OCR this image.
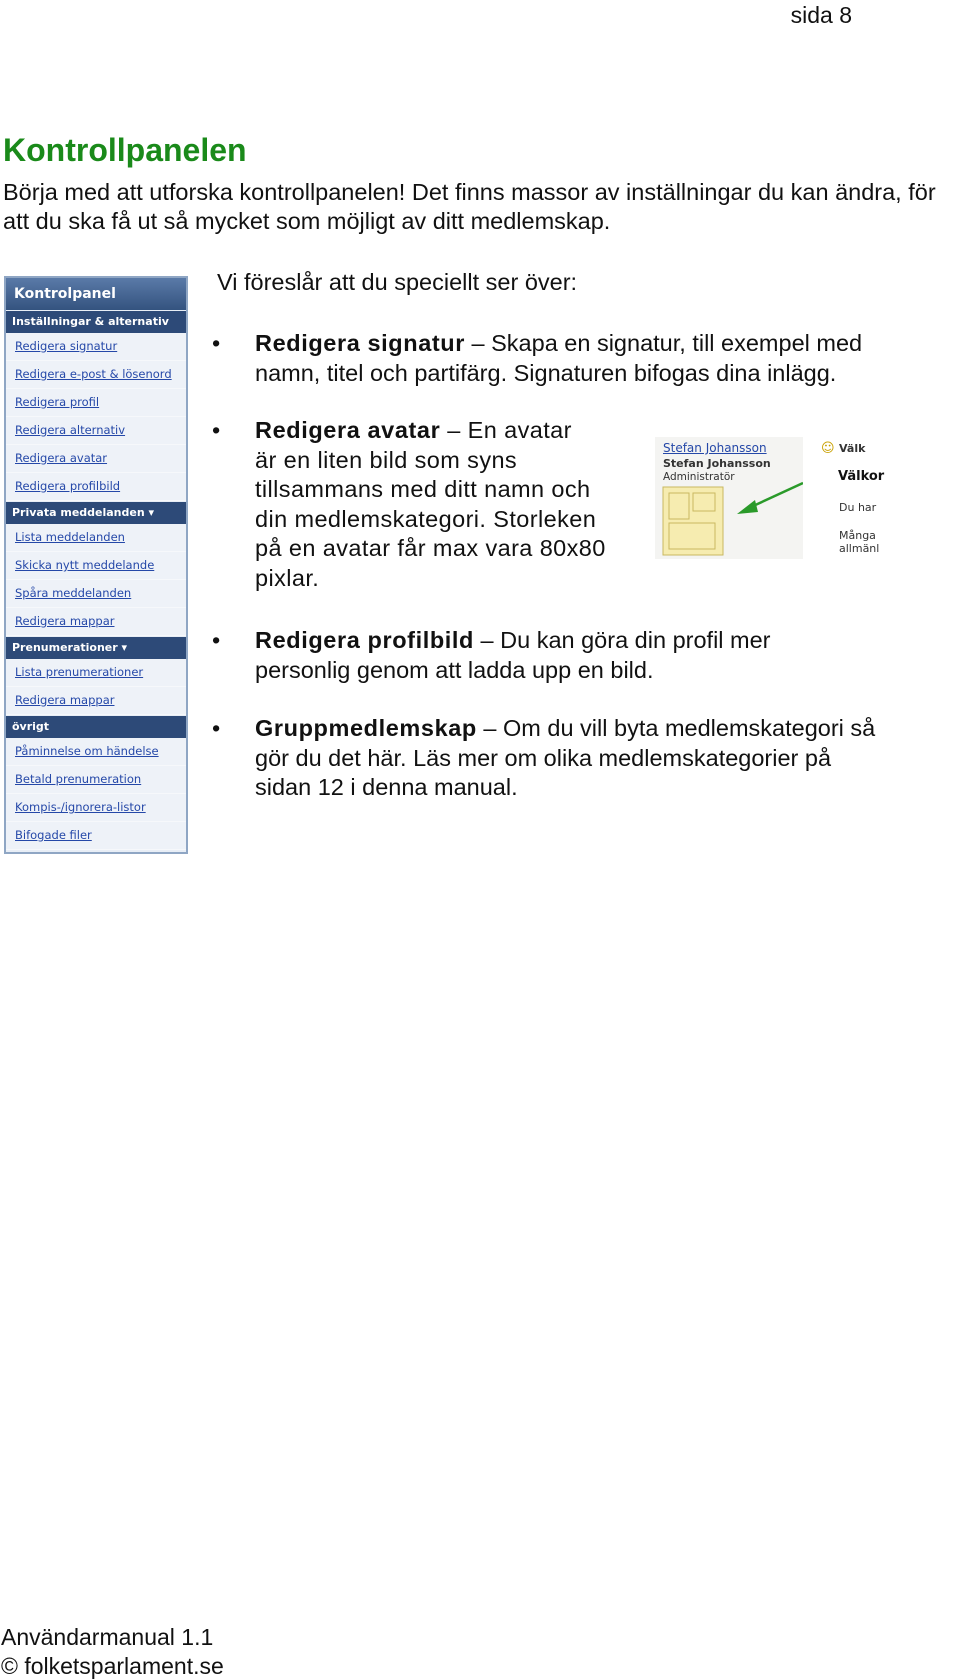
sida 8
Kontrollpanelen

Börja med att utforska kontrollpanelen! Det finns massor av inställningar du kan ändra, för att du ska få ut så mycket som möjligt av ditt medlemskap.

Kontrolpanel
Inställningar & alternativ
Redigera signatur
Redigera e-post & lösenord
Redigera profil
Redigera alternativ
Redigera avatar
Redigera profilbild
Privata meddelanden ▾
Lista meddelanden
Skicka nytt meddelande
Spåra meddelanden
Redigera mappar
Prenumerationer ▾
Lista prenumerationer
Redigera mappar
övrigt
Påminnelse om händelse
Betald prenumeration
Kompis-/ignorera-listor
Bifogade filer

Vi föreslår att du speciellt ser över:

• Redigera signatur – Skapa en signatur, till exempel med
namn, titel och partifärg. Signaturen bifogas dina inlägg.
• Redigera avatar – En avatar
är en liten bild som syns
tillsammans med ditt namn och
din medlemskategori. Storleken
på en avatar får max vara 80x80
pixlar.
Stefan Johansson
Stefan Johansson
Administratör
☺ Välk
Välkor
Du har
Många
allmänl
• Redigera profilbild – Du kan göra din profil mer
personlig genom att ladda upp en bild.
• Gruppmedlemskap – Om du vill byta medlemskategori så
gör du det här. Läs mer om olika medlemskategorier på
sidan 12 i denna manual.
Användarmanual 1.1
© folketsparlament.se
